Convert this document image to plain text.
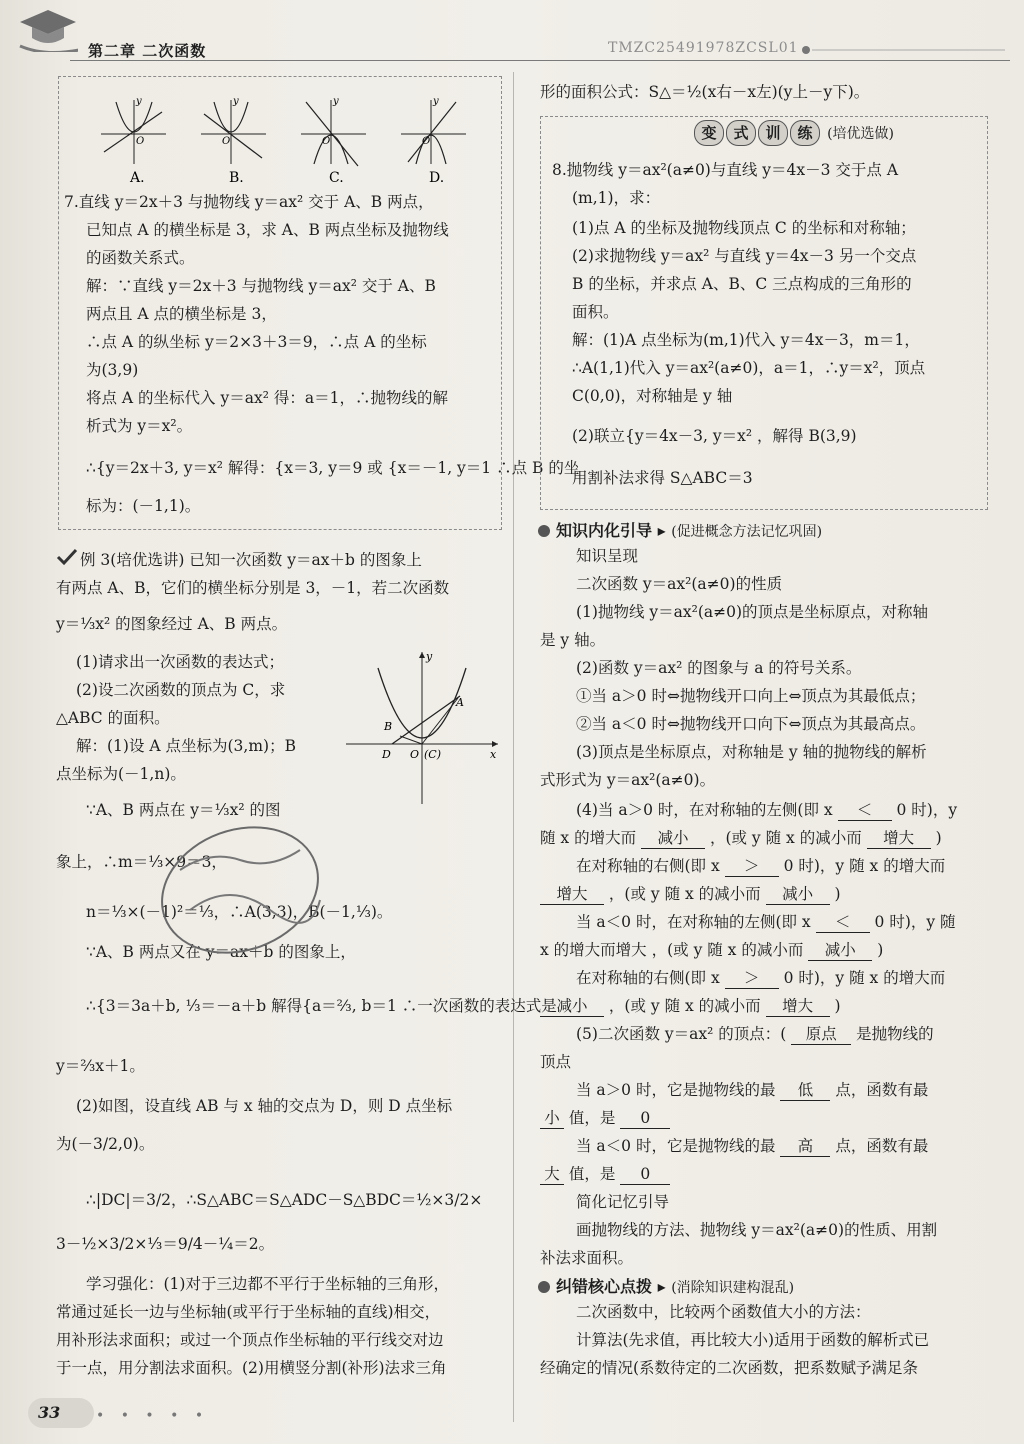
第二章 二次函数	TMZC25491978ZCSL01
O
y
O
y
O
y
O
y
A.	B.	C.	D.
7.直线 y＝2x＋3 与抛物线 y＝ax² 交于 A、B 两点，
已知点 A 的横坐标是 3，求 A、B 两点坐标及抛物线
的函数关系式。
解：∵直线 y＝2x＋3 与抛物线 y＝ax² 交于 A、B
两点且 A 点的横坐标是 3，
∴点 A 的纵坐标 y＝2×3＋3＝9，∴点 A 的坐标
为(3,9)
将点 A 的坐标代入 y＝ax² 得：a＝1，∴抛物线的解
析式为 y＝x²。
∴{y＝2x＋3, y＝x² 解得：{x＝3, y＝9 或 {x＝－1, y＝1 ∴点 B 的坐
标为：(－1,1)。
例 3(培优选讲) 已知一次函数 y＝ax＋b 的图象上
有两点 A、B，它们的横坐标分别是 3，－1，若二次函数
y＝⅓x² 的图象经过 A、B 两点。
(1)请求出一次函数的表达式；
(2)设二次函数的顶点为 C，求
△ABC 的面积。
解：(1)设 A 点坐标为(3,m)；B
点坐标为(－1,n)。
∵A、B 两点在 y＝⅓x² 的图
象上，∴m＝⅓×9＝3，
n＝⅓×(－1)²＝⅓，∴A(3,3)，B(－1,⅓)。
∵A、B 两点又在 y＝ax＋b 的图象上，
∴{3＝3a＋b, ⅓＝－a＋b 解得{a＝⅔, b＝1 ∴一次函数的表达式是
y＝⅔x＋1。
(2)如图，设直线 AB 与 x 轴的交点为 D，则 D 点坐标
为(－3/2,0)。
∴|DC|＝3/2，∴S△ABC＝S△ADC－S△BDC＝½×3/2×
3－½×3/2×⅓＝9/4－¼＝2。
学习强化：(1)对于三边都不平行于坐标轴的三角形，
常通过延长一边与坐标轴(或平行于坐标轴的直线)相交，
用补形法求面积；或过一个顶点作坐标轴的平行线交对边
于一点，用分割法求面积。(2)用横竖分割(补形)法求三角
y
x
A
B
D O (C)
形的面积公式：S△＝½(x右－x左)(y上－y下)。
变 式 训 练 (培优选做)
8.抛物线 y＝ax²(a≠0)与直线 y＝4x－3 交于点 A
(m,1)，求：
(1)点 A 的坐标及抛物线顶点 C 的坐标和对称轴；
(2)求抛物线 y＝ax² 与直线 y＝4x－3 另一个交点
B 的坐标，并求点 A、B、C 三点构成的三角形的
面积。
解：(1)A 点坐标为(m,1)代入 y＝4x－3，m＝1，
∴A(1,1)代入 y＝ax²(a≠0)，a＝1，∴y＝x²，顶点
C(0,0)，对称轴是 y 轴
(2)联立{y＝4x－3, y＝x² ，解得 B(3,9)
用割补法求得 S△ABC＝3
知识内化引导 ▸ (促进概念方法记忆巩固)
知识呈现
二次函数 y＝ax²(a≠0)的性质
(1)抛物线 y＝ax²(a≠0)的顶点是坐标原点，对称轴
是 y 轴。
(2)函数 y＝ax² 的图象与 a 的符号关系。
①当 a＞0 时⇔抛物线开口向上⇔顶点为其最低点；
②当 a＜0 时⇔抛物线开口向下⇔顶点为其最高点。
(3)顶点是坐标原点，对称轴是 y 轴的抛物线的解析
式形式为 y＝ax²(a≠0)。
(4)当 a＞0 时，在对称轴的左侧(即 x ＜ 0 时)，y
随 x 的增大而 减小 ，(或 y 随 x 的减小而 增大 )
在对称轴的右侧(即 x ＞ 0 时)，y 随 x 的增大而
增大 ，(或 y 随 x 的减小而 减小 )
当 a＜0 时，在对称轴的左侧(即 x ＜ 0 时)，y 随
x 的增大而增大 ，(或 y 随 x 的减小而 减小 )
在对称轴的右侧(即 x ＞ 0 时)，y 随 x 的增大而
减小 ，(或 y 随 x 的减小而 增大 )
(5)二次函数 y＝ax² 的顶点：( 原点 是抛物线的
顶点
当 a＞0 时，它是抛物线的最 低 点，函数有最
小 值，是 0
当 a＜0 时，它是抛物线的最 高 点，函数有最
大 值，是 0
简化记忆引导
画抛物线的方法、抛物线 y＝ax²(a≠0)的性质、用割
补法求面积。
纠错核心点拨 ▸ (消除知识建构混乱)
二次函数中，比较两个函数值大小的方法：
计算法(先求值，再比较大小)适用于函数的解析式已
经确定的情况(系数待定的二次函数，把系数赋予满足条
33	• • • • •
